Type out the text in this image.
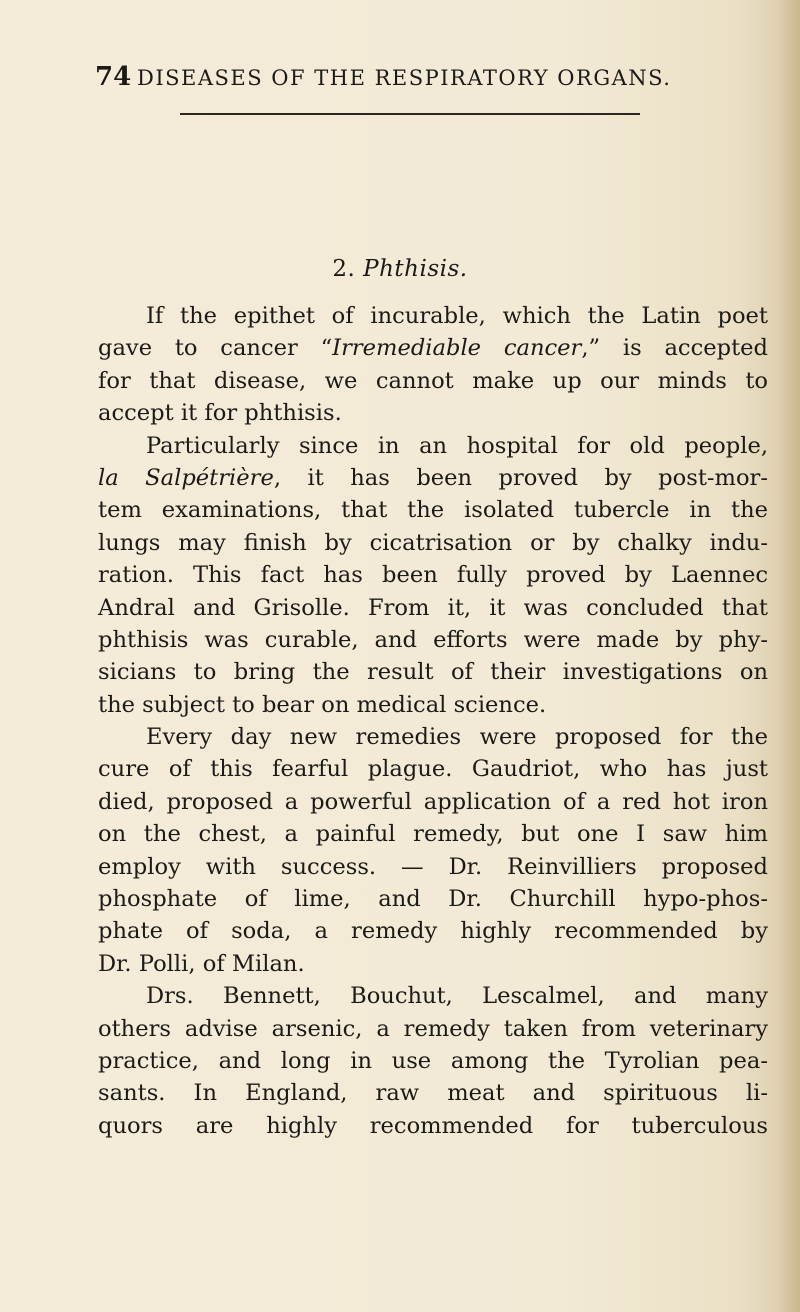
74 DISEASES OF THE RESPIRATORY ORGANS.
2. Phthisis.
If the epithet of incurable, which the Latin poet
gave to cancer “Irremediable cancer,” is accepted
for that disease, we cannot make up our minds to
accept it for phthisis.
Particularly since in an hospital for old people,
la Salpétrière, it has been proved by post-mor-
tem examinations, that the isolated tubercle in the
lungs may finish by cicatrisation or by chalky indu-
ration. This fact has been fully proved by Laennec
Andral and Grisolle. From it, it was concluded that
phthisis was curable, and efforts were made by phy-
sicians to bring the result of their investigations on
the subject to bear on medical science.
Every day new remedies were proposed for the
cure of this fearful plague. Gaudriot, who has just
died, proposed a powerful application of a red hot iron
on the chest, a painful remedy, but one I saw him
employ with success. — Dr. Reinvilliers proposed
phosphate of lime, and Dr. Churchill hypo-phos-
phate of soda, a remedy highly recommended by
Dr. Polli, of Milan.
Drs. Bennett, Bouchut, Lescalmel, and many
others advise arsenic, a remedy taken from veterinary
practice, and long in use among the Tyrolian pea-
sants. In England, raw meat and spirituous li-
quors are highly recommended for tuberculous
